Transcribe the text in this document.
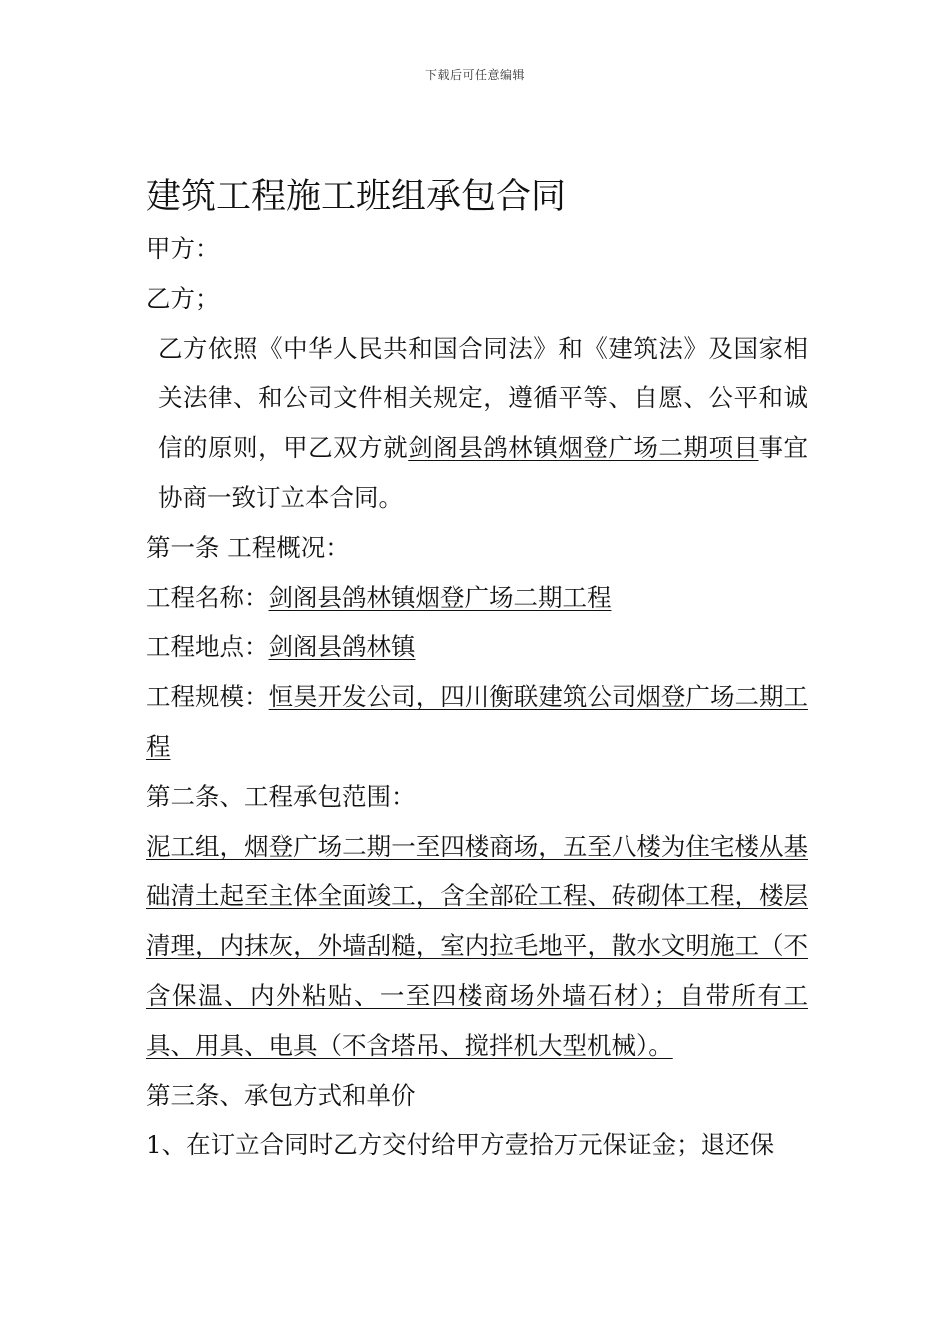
下载后可任意编辑
建筑工程施工班组承包合同
甲方：
乙方；
乙方依照《中华人民共和国合同法》和《建筑法》及国家相关法律、和公司文件相关规定，遵循平等、自愿、公平和诚信的原则，甲乙双方就剑阁县鸽林镇烟登广场二期项目事宜协商一致订立本合同。
第一条 工程概况：
工程名称：剑阁县鸽林镇烟登广场二期工程
工程地点：剑阁县鸽林镇
工程规模：恒昊开发公司，四川衡联建筑公司烟登广场二期工程
第二条、工程承包范围：
泥工组，烟登广场二期一至四楼商场，五至八楼为住宅楼从基础清土起至主体全面竣工，含全部砼工程、砖砌体工程，楼层清理，内抹灰，外墙刮糙，室内拉毛地平，散水文明施工（不含保温、内外粘贴、一至四楼商场外墙石材）；自带所有工具、用具、电具（不含塔吊、搅拌机大型机械）。
第三条、承包方式和单价
1、在订立合同时乙方交付给甲方壹拾万元保证金；退还保
